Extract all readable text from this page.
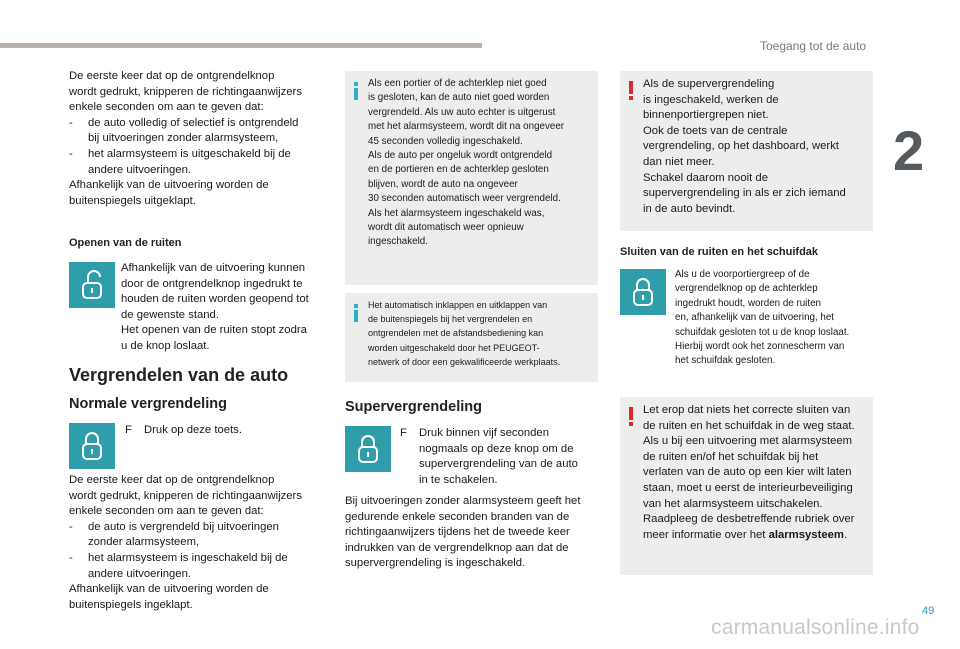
Toegang tot de auto
2
De eerste keer dat op de ontgrendelknop
wordt gedrukt, knipperen de richtingaanwijzers
enkele seconden om aan te geven dat:
-	de auto volledig of selectief is ontgrendeld
bij uitvoeringen zonder alarmsysteem,
-	het alarmsysteem is uitgeschakeld bij de
andere uitvoeringen.
Afhankelijk van de uitvoering worden de
buitenspiegels uitgeklapt.
Openen van de ruiten
Afhankelijk van de uitvoering kunnen
door de ontgrendelknop ingedrukt te
houden de ruiten worden geopend tot
de gewenste stand.
Het openen van de ruiten stopt zodra
u de knop loslaat.
Vergrendelen van de auto
Normale vergrendeling
F	Druk op deze toets.
De eerste keer dat op de ontgrendelknop
wordt gedrukt, knipperen de richtingaanwijzers
enkele seconden om aan te geven dat:
-	de auto is vergrendeld bij uitvoeringen
zonder alarmsysteem,
-	het alarmsysteem is ingeschakeld bij de
andere uitvoeringen.
Afhankelijk van de uitvoering worden de
buitenspiegels ingeklapt.
Als een portier of de achterklep niet goed
is gesloten, kan de auto niet goed worden
vergrendeld. Als uw auto echter is uitgerust
met het alarmsysteem, wordt dit na ongeveer
45 seconden volledig ingeschakeld.
Als de auto per ongeluk wordt ontgrendeld
en de portieren en de achterklep gesloten
blijven, wordt de auto na ongeveer
30 seconden automatisch weer vergrendeld.
Als het alarmsysteem ingeschakeld was,
wordt dit automatisch weer opnieuw
ingeschakeld.
Het automatisch inklappen en uitklappen van
de buitenspiegels bij het vergrendelen en
ontgrendelen met de afstandsbediening kan
worden uitgeschakeld door het PEUGEOT-
netwerk of door een gekwalificeerde werkplaats.
Supervergrendeling
F	Druk binnen vijf seconden
nogmaals op deze knop om de
supervergrendeling van de auto
in te schakelen.
Bij uitvoeringen zonder alarmsysteem geeft het
gedurende enkele seconden branden van de
richtingaanwijzers tijdens het de tweede keer
indrukken van de vergrendelknop aan dat de
supervergrendeling is ingeschakeld.
Als de supervergrendeling
is ingeschakeld, werken de
binnenportiergrepen niet.
Ook de toets van de centrale
vergrendeling, op het dashboard, werkt
dan niet meer.
Schakel daarom nooit de
supervergrendeling in als er zich iemand
in de auto bevindt.
Sluiten van de ruiten en het schuifdak
Als u de voorportiergreep of de
vergrendelknop op de achterklep
ingedrukt houdt, worden de ruiten
en, afhankelijk van de uitvoering, het
schuifdak gesloten tot u de knop loslaat.
Hierbij wordt ook het zonnescherm van
het schuifdak gesloten.
Let erop dat niets het correcte sluiten van
de ruiten en het schuifdak in de weg staat.
Als u bij een uitvoering met alarmsysteem
de ruiten en/of het schuifdak bij het
verlaten van de auto op een kier wilt laten
staan, moet u eerst de interieurbeveiliging
van het alarmsysteem uitschakelen.
Raadpleeg de desbetreffende rubriek over
meer informatie over het alarmsysteem.
49
carmanualsonline.info
